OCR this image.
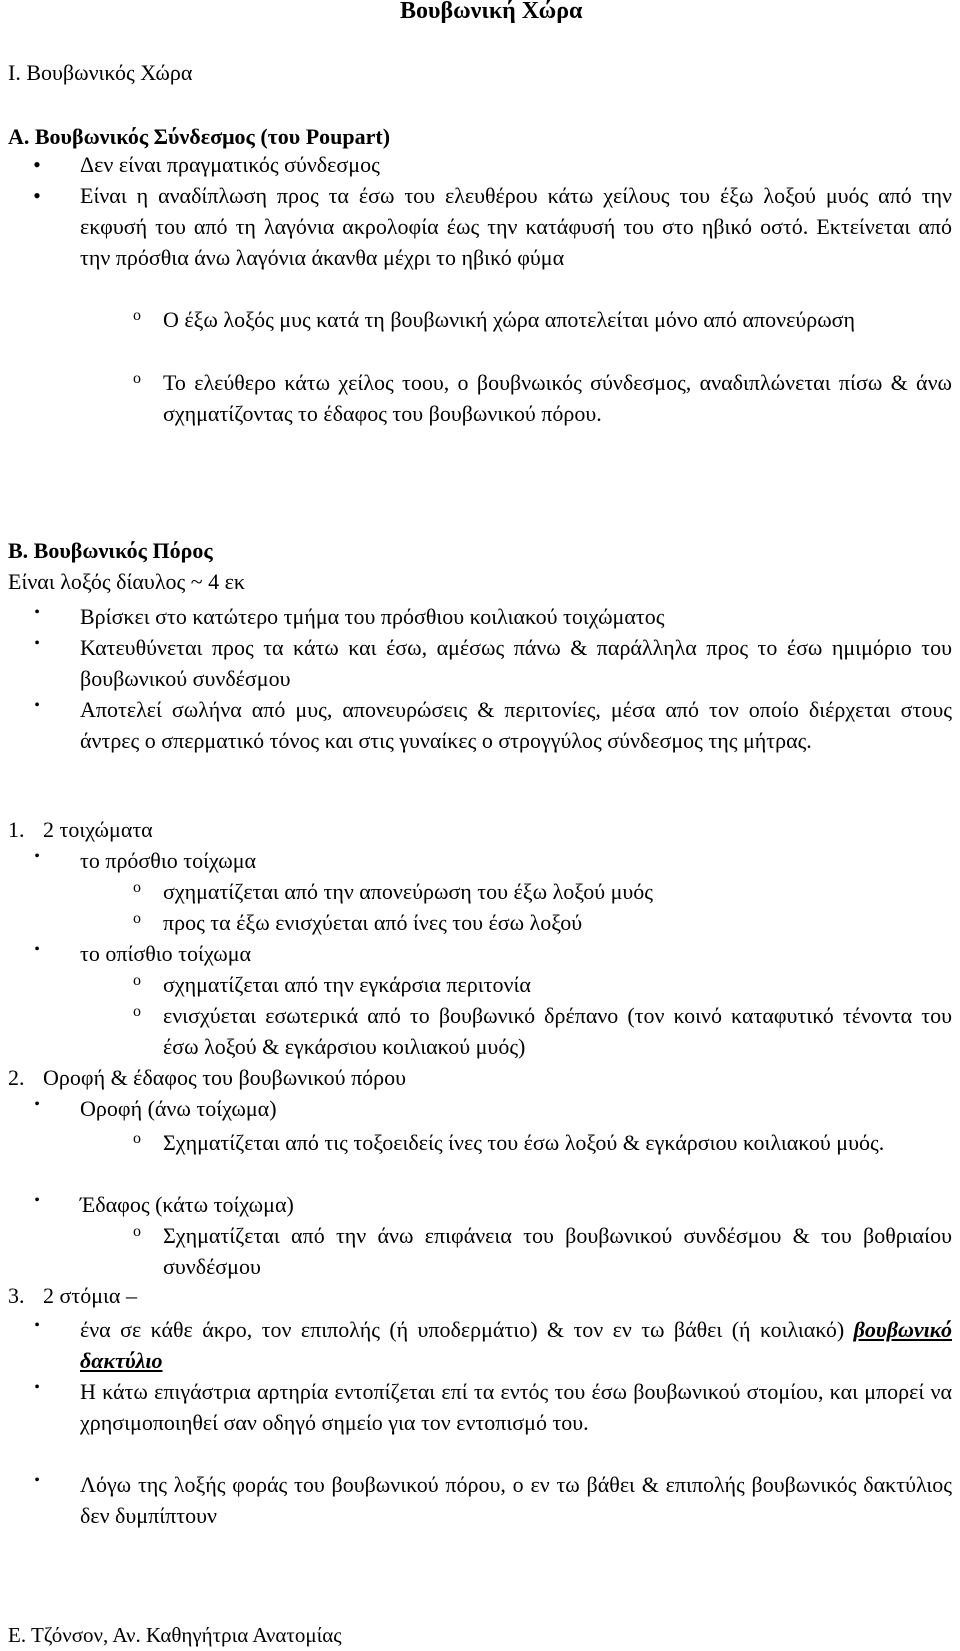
Βουβωνική Χώρα
I. Βουβωνικός Χώρα
A. Βουβωνικός Σύνδεσμος (του Poupart)
• Δεν είναι πραγματικός σύνδεσμος
• Είναι η αναδίπλωση προς τα έσω του ελευθέρου κάτω χείλους του έξω λοξού μυός από την εκφυσή του από τη λαγόνια ακρολοφία έως την κατάφυσή του στο ηβικό οστό. Εκτείνεται από την πρόσθια άνω λαγόνια άκανθα μέχρι το ηβικό φύμα
o Ο έξω λοξός μυς κατά τη βουβωνική χώρα αποτελείται μόνο από απονεύρωση
o Το ελεύθερο κάτω χείλος τοου, ο βουβνωικός σύνδεσμος, αναδιπλώνεται πίσω & άνω σχηματίζοντας το έδαφος του βουβωνικού πόρου.
B. Βουβωνικός Πόρος
Είναι λοξός δίαυλος ~ 4 εκ
• Βρίσκει στο κατώτερο τμήμα του πρόσθιου κοιλιακού τοιχώματος
• Κατευθύνεται προς τα κάτω και έσω, αμέσως πάνω & παράλληλα προς το έσω ημιμόριο του βουβωνικού συνδέσμου
• Αποτελεί σωλήνα από μυς, απονευρώσεις & περιτονίες, μέσα από τον οποίο διέρχεται στους άντρες ο σπερματικό τόνος και στις γυναίκες ο στρογγύλος σύνδεσμος της μήτρας.
1. 2 τοιχώματα
• το πρόσθιο τοίχωμα
o σχηματίζεται από την απονεύρωση του έξω λοξού μυός
o προς τα έξω ενισχύεται από ίνες του έσω λοξού
• το οπίσθιο τοίχωμα
o σχηματίζεται από την εγκάρσια περιτονία
o ενισχύεται εσωτερικά από το βουβωνικό δρέπανο (τον κοινό καταφυτικό τένοντα του έσω λοξού & εγκάρσιου κοιλιακού μυός)
2. Οροφή & έδαφος του βουβωνικού πόρου
• Οροφή (άνω τοίχωμα)
o Σχηματίζεται από τις τοξοειδείς ίνες του έσω λοξού & εγκάρσιου κοιλιακού μυός.
• Έδαφος (κάτω τοίχωμα)
o Σχηματίζεται από την άνω επιφάνεια του βουβωνικού συνδέσμου & του βοθριαίου συνδέσμου
3. 2 στόμια –
• ένα σε κάθε άκρο, τον επιπολής (ή υποδερμάτιο) & τον εν τω βάθει (ή κοιλιακό) βουβωνικό δακτύλιο
• Η κάτω επιγάστρια αρτηρία εντοπίζεται επί τα εντός του έσω βουβωνικού στομίου, και μπορεί να χρησιμοποιηθεί σαν οδηγό σημείο για τον εντοπισμό του.
• Λόγω της λοξής φοράς του βουβωνικού πόρου, ο εν τω βάθει & επιπολής βουβωνικός δακτύλιος δεν δυμπίπτουν
Ε. Τζόνσον, Αν. Καθηγήτρια Ανατομίας
